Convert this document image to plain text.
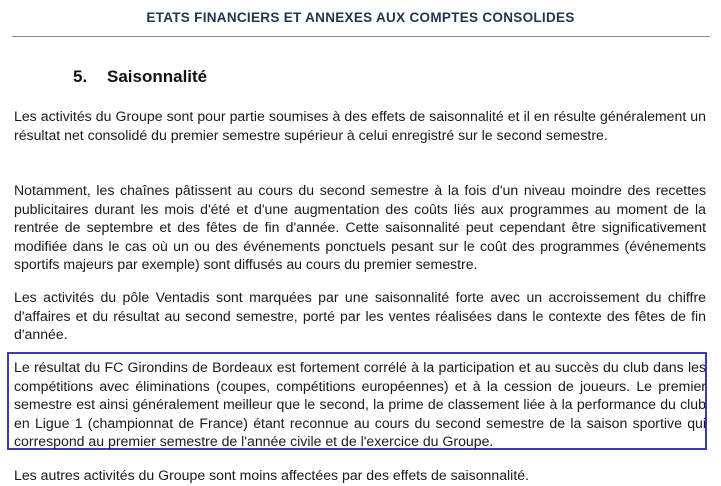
ETATS FINANCIERS ET ANNEXES AUX COMPTES CONSOLIDES
5. Saisonnalité

Les activités du Groupe sont pour partie soumises à des effets de saisonnalité et il en résulte généralement un résultat net consolidé du premier semestre supérieur à celui enregistré sur le second semestre.

Notamment, les chaînes pâtissent au cours du second semestre à la fois d'un niveau moindre des recettes publicitaires durant les mois d'été et d'une augmentation des coûts liés aux programmes au moment de la rentrée de septembre et des fêtes de fin d'année. Cette saisonnalité peut cependant être significativement modifiée dans le cas où un ou des événements ponctuels pesant sur le coût des programmes (événements sportifs majeurs par exemple) sont diffusés au cours du premier semestre.

Les activités du pôle Ventadis sont marquées par une saisonnalité forte avec un accroissement du chiffre d'affaires et du résultat au second semestre, porté par les ventes réalisées dans le contexte des fêtes de fin d'année.

Le résultat du FC Girondins de Bordeaux est fortement corrélé à la participation et au succès du club dans les compétitions avec éliminations (coupes, compétitions européennes) et à la cession de joueurs. Le premier semestre est ainsi généralement meilleur que le second, la prime de classement liée à la performance du club en Ligue 1 (championnat de France) étant reconnue au cours du second semestre de la saison sportive qui correspond au premier semestre de l'année civile et de l'exercice du Groupe.

Les autres activités du Groupe sont moins affectées par des effets de saisonnalité.
